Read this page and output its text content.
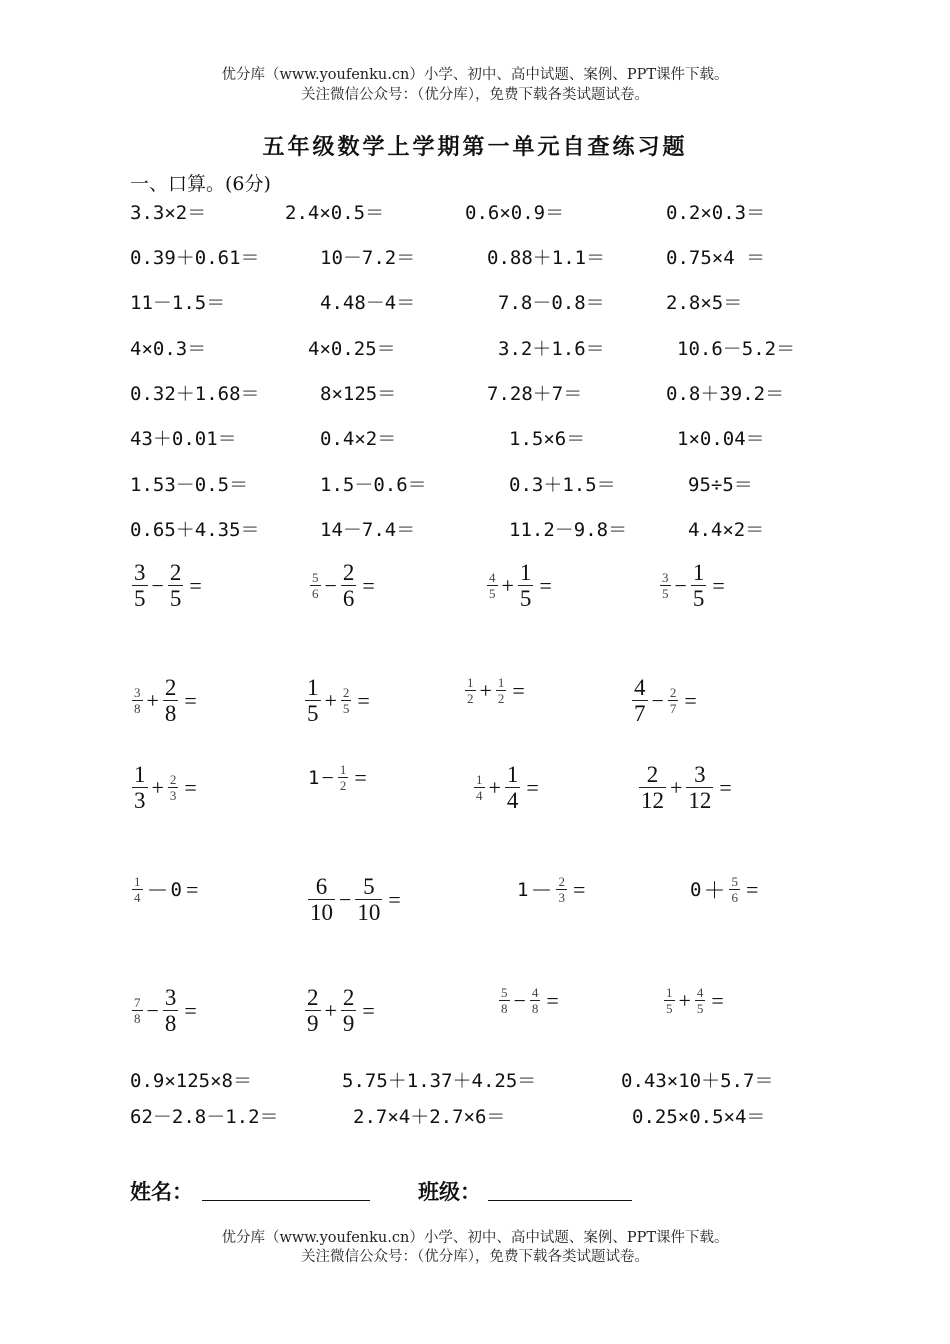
优分库（www.youfenku.cn）小学、初中、高中试题、案例、PPT课件下载。
关注微信公众号：（优分库），免费下载各类试题试卷。
五年级数学上学期第一单元自查练习题
一、口算。(6分)
3.3×2＝	2.4×0.5＝	0.6×0.9＝	0.2×0.3＝
0.39＋0.61＝	10－7.2＝	0.88＋1.1＝	0.75×4 ＝
11－1.5＝	4.48－4＝	7.8－0.8＝	2.8×5＝
4×0.3＝	4×0.25＝	3.2＋1.6＝	10.6－5.2＝
0.32＋1.68＝	8×125＝	7.28＋7＝	0.8＋39.2＝
43＋0.01＝	0.4×2＝	1.5×6＝	1×0.04＝
1.53－0.5＝	1.5－0.6＝	0.3＋1.5＝	95÷5＝
0.65＋4.35＝	14－7.4＝	11.2－9.8＝	4.4×2＝
$\frac{3}{5} - \frac{2}{5}$ =	$\frac{5}{6} - \frac{2}{6}$ =	$\frac{4}{5} + \frac{1}{5}$ =	$\frac{3}{5} - \frac{1}{5}$ =
$\frac{3}{8} + \frac{2}{8}$ =	$\frac{1}{5} + \frac{2}{5}$ =	$\frac{1}{2} + \frac{1}{2}$ =	$\frac{4}{7} - \frac{2}{7}$ =
$\frac{1}{3} + \frac{2}{3}$ =	$1 - \frac{1}{2}$ =	$\frac{1}{4} + \frac{1}{4}$ =	$\frac{2}{12} + \frac{3}{12}$ =
$\frac{1}{4} - 0$ =	$\frac{6}{10} - \frac{5}{10}$ =	$1 - \frac{2}{3}$ =	$0 + \frac{5}{6}$ =
$\frac{7}{8} - \frac{3}{8}$ =	$\frac{2}{9} + \frac{2}{9}$ =	$\frac{5}{8} - \frac{4}{8}$ =	$\frac{1}{5} + \frac{4}{5}$ =
0.9×125×8＝	5.75＋1.37＋4.25＝	0.43×10＋5.7＝
62－2.8－1.2＝	2.7×4＋2.7×6＝	0.25×0.5×4＝
姓名：	班级：
优分库（www.youfenku.cn）小学、初中、高中试题、案例、PPT课件下载。
关注微信公众号：（优分库），免费下载各类试题试卷。
